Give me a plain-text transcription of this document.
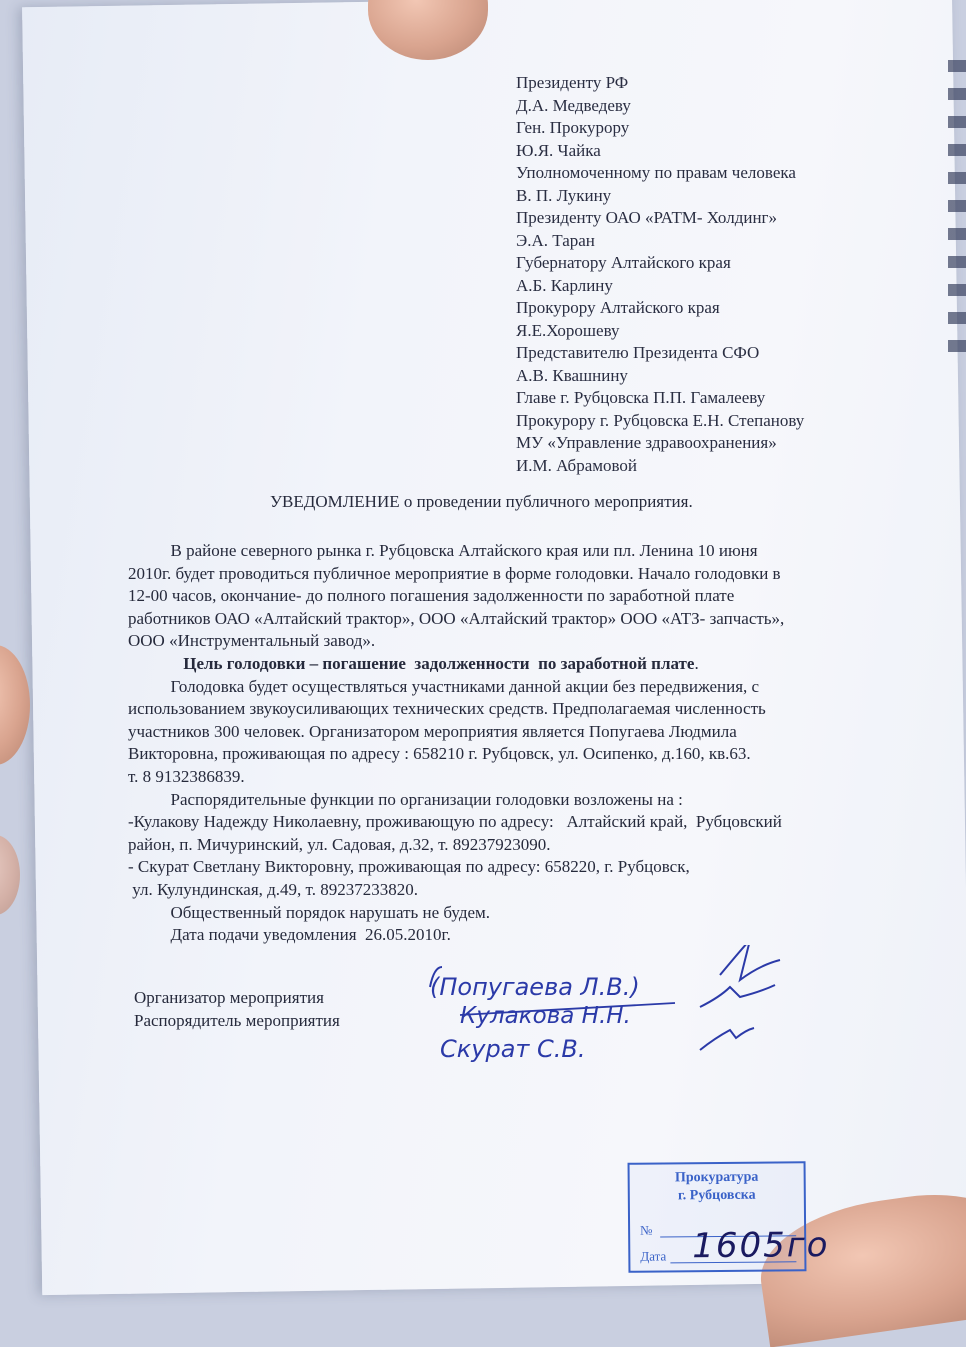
Президенту РФ
Д.А. Медведеву
Ген. Прокурору
Ю.Я. Чайка
Уполномоченному по правам человека
В. П. Лукину
Президенту ОАО «РАТМ- Холдинг»
Э.А. Таран
Губернатору Алтайского края
А.Б. Карлину
Прокурору Алтайского края
Я.Е.Хорошеву
Представителю Президента СФО
А.В. Квашнину
Главе г. Рубцовска П.П. Гамалееву
Прокурору г. Рубцовска Е.Н. Степанову
МУ «Управление здравоохранения»
И.М. Абрамовой
УВЕДОМЛЕНИЕ о проведении публичного мероприятия.
В районе северного рынка г. Рубцовска Алтайского края или пл. Ленина 10 июня
2010г. будет проводиться публичное мероприятие в форме голодовки. Начало голодовки в
12-00 часов, окончание- до полного погашения задолженности по заработной плате
работников ОАО «Алтайский трактор», ООО «Алтайский трактор» ООО «АТЗ- запчасть»,
ООО «Инструментальный завод».
Цель голодовки – погашение  задолженности  по заработной плате.
Голодовка будет осуществляться участниками данной акции без передвижения, с
использованием звукоусиливающих технических средств. Предполагаемая численность
участников 300 человек. Организатором мероприятия является Попугаева Людмила
Викторовна, проживающая по адресу : 658210 г. Рубцовск, ул. Осипенко, д.160, кв.63.
т. 8 9132386839.
Распорядительные функции по организации голодовки возложены на :
-Кулакову Надежду Николаевну, проживающую по адресу:   Алтайский край,  Рубцовский
район, п. Мичуринский, ул. Садовая, д.32, т. 89237923090.
- Скурат Светлану Викторовну, проживающая по адресу: 658220, г. Рубцовск,
ул. Кулундинская, д.49, т. 89237233820.
Общественный порядок нарушать не будем.
Дата подачи уведомления  26.05.2010г.
Организатор мероприятия
Распорядитель мероприятия
(Попугаева Л.В.)
Кулакова Н.Н.
Скурат С.В.
Прокуратура
г. Рубцовска
№
Дата 1605го
